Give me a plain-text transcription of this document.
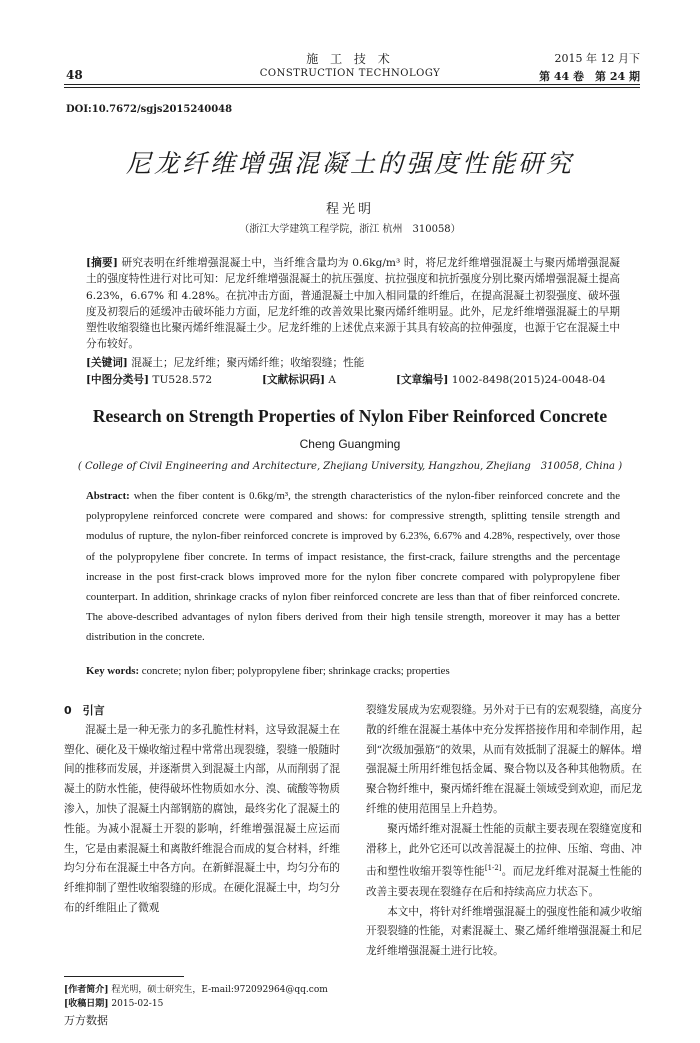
48
施 工 技 术
CONSTRUCTION TECHNOLOGY
2015 年 12 月下
第 44 卷　第 24 期
DOI:10.7672/sgjs2015240048
尼龙纤维增强混凝土的强度性能研究
程光明
（浙江大学建筑工程学院，浙江 杭州　310058）
[摘要] 研究表明在纤维增强混凝土中，当纤维含量均为 0.6kg/m³ 时，将尼龙纤维增强混凝土与聚丙烯增强混凝土的强度特性进行对比可知：尼龙纤维增强混凝土的抗压强度、抗拉强度和抗折强度分别比聚丙烯增强混凝土提高 6.23%，6.67% 和 4.28%。在抗冲击方面，普通混凝土中加入相同量的纤维后，在提高混凝土初裂强度、破坏强度及初裂后的延缓冲击破坏能力方面，尼龙纤维的改善效果比聚丙烯纤维明显。此外，尼龙纤维增强混凝土的早期塑性收缩裂缝也比聚丙烯纤维混凝土少。尼龙纤维的上述优点来源于其具有较高的拉伸强度，也源于它在混凝土中分布较好。
[关键词] 混凝土；尼龙纤维；聚丙烯纤维；收缩裂缝；性能
[中图分类号] TU528.572	[文献标识码] A	[文章编号] 1002-8498(2015)24-0048-04
Research on Strength Properties of Nylon Fiber Reinforced Concrete
Cheng Guangming
( College of Civil Engineering and Architecture, Zhejiang University, Hangzhou, Zhejiang　310058, China )
Abstract: when the fiber content is 0.6kg/m³, the strength characteristics of the nylon-fiber reinforced concrete and the polypropylene reinforced concrete were compared and shows: for compressive strength, splitting tensile strength and modulus of rupture, the nylon-fiber reinforced concrete is improved by 6.23%, 6.67% and 4.28%, respectively, over those of the polypropylene fiber concrete. In terms of impact resistance, the first-crack, failure strengths and the percentage increase in the post first-crack blows improved more for the nylon fiber concrete compared with polypropylene fiber counterpart. In addition, shrinkage cracks of nylon fiber reinforced concrete are less than that of fiber reinforced concrete. The above-described advantages of nylon fibers derived from their high tensile strength, moreover it may has a better distribution in the concrete.
Key words: concrete; nylon fiber; polypropylene fiber; shrinkage cracks; properties

0　引言

混凝土是一种无张力的多孔脆性材料，这导致混凝土在塑化、硬化及干燥收缩过程中常常出现裂缝，裂缝一般随时间的推移而发展，并逐渐贯入到混凝土内部，从而削弱了混凝土的防水性能，使得破坏性物质如水分、溴、硫酸等物质渗入，加快了混凝土内部钢筋的腐蚀，最终劣化了混凝土的性能。为减小混凝土开裂的影响，纤维增强混凝土应运而生，它是由素混凝土和离散纤维混合而成的复合材料，纤维均匀分布在混凝土中各方向。在新鲜混凝土中，均匀分布的纤维抑制了塑性收缩裂缝的形成。在硬化混凝土中，均匀分布的纤维阻止了微观

裂缝发展成为宏观裂缝。另外对于已有的宏观裂缝，高度分散的纤维在混凝土基体中充分发挥搭接作用和牵制作用，起到“次级加强筋”的效果，从而有效抵制了混凝土的解体。增强混凝土所用纤维包括金属、聚合物以及各种其他物质。在聚合物纤维中，聚丙烯纤维在混凝土领域受到欢迎，而尼龙纤维的使用范围呈上升趋势。

聚丙烯纤维对混凝土性能的贡献主要表现在裂缝宽度和滑移上，此外它还可以改善混凝土的拉伸、压缩、弯曲、冲击和塑性收缩开裂等性能[1-2]。而尼龙纤维对混凝土性能的改善主要表现在裂缝存在后和持续高应力状态下。

本文中，将针对纤维增强混凝土的强度性能和减少收缩开裂裂缝的性能，对素混凝土、聚乙烯纤维增强混凝土和尼龙纤维增强混凝土进行比较。

[作者简介] 程光明，硕士研究生，E-mail:972092964@qq.com
[收稿日期] 2015-02-15
万方数据
